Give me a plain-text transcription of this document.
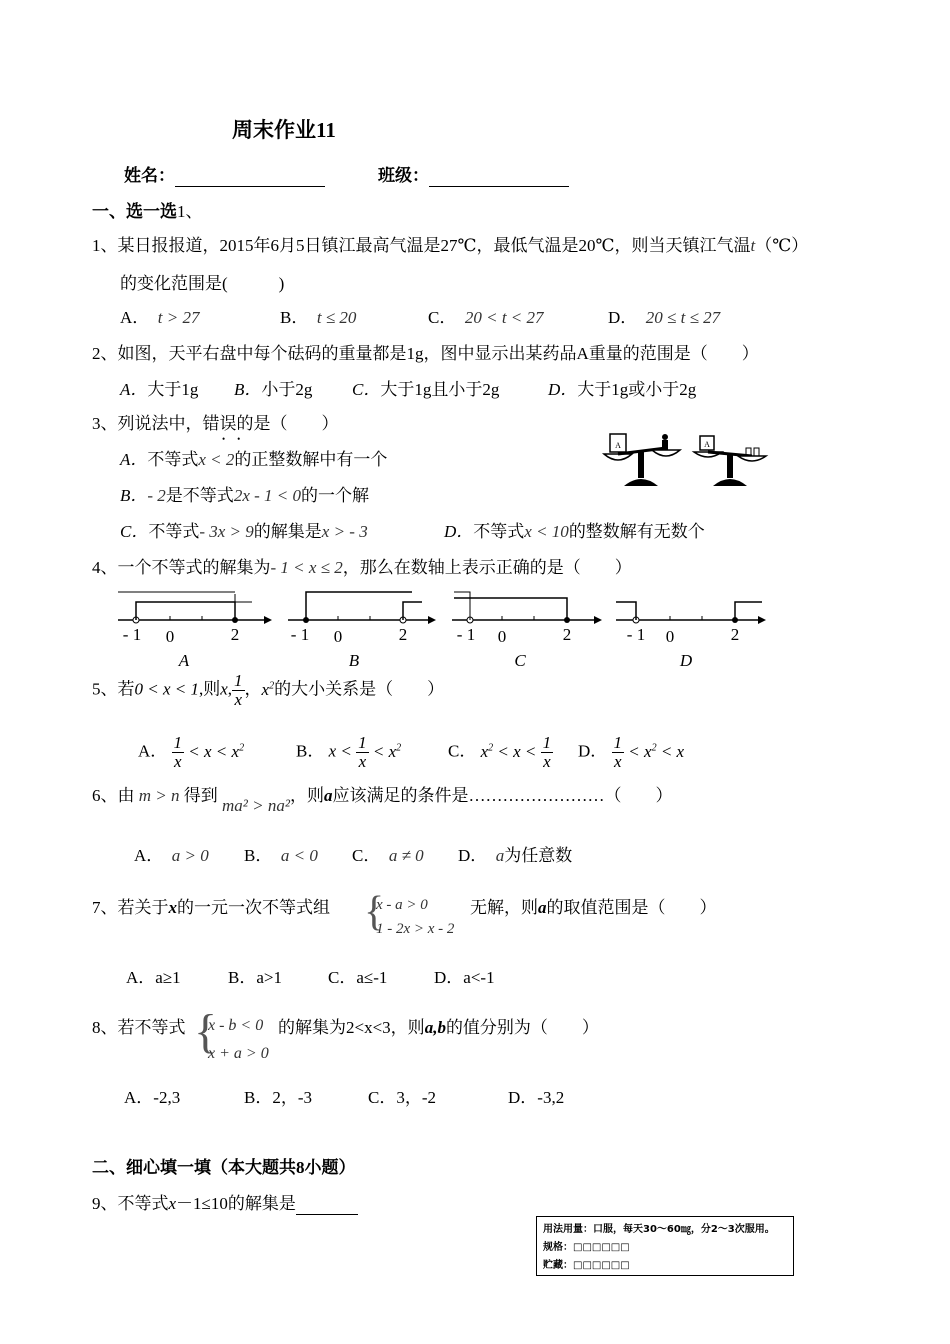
周末作业11
姓名：	班级：
一、选一选1、
1、某日报报道，2015年6月5日镇江最高气温是27℃，最低气温是20℃，则当天镇江气温t（℃）
的变化范围是(　　　)
A． t > 27	B． t ≤ 20	C． 20 < t < 27	D． 20 ≤ t ≤ 27
2、如图，天平右盘中每个砝码的重量都是1g，图中显示出某药品A重量的范围是（　　）
A．大于1g B．小于2g C．大于1g且小于2g	D．大于1g或小于2g
3、列说法中，错误的是（　　）
••
A．不等式x < 2的正整数解中有一个
B．- 2是不等式2x - 1 < 0的一个解
C．不等式- 3x > 9的解集是x > - 3	D．不等式x < 10的整数解有无数个
A	A
4、一个不等式的解集为- 1 < x ≤ 2，那么在数轴上表示正确的是（　　）
- 1 0	2
A
- 1 0	2
B
- 1 0	2
C
- 1 0	2
D
5、若0 < x < 1,则x, $\frac{1}{x}$ ，$x^2$的大小关系是（　　）
A． $\frac{1}{x} < x < x^2$	B． $x < \frac{1}{x} < x^2$	C． $x^2 < x < \frac{1}{x}$ D． $\frac{1}{x} < x^2 < x$
6、由 m > n 得到 ma² > na²，则a应该满足的条件是……………………（　　）
A． a > 0 B． a < 0 C． a ≠ 0 D． a为任意数
7、若关于x的一元一次不等式组 {
x - a > 0
1 - 2x > x - 2
无解，则a的取值范围是（　　）
A．a≥1	B．a>1	C．a≤-1	D．a<-1
8、若不等式 {
x - b < 0
x + a > 0
的解集为2<x<3，则a,b的值分别为（　　）
A．-2,3	B．2，-3	C．3，-2	D．-3,2
二、细心填一填（本大题共8小题）
9、不等式x－1≤10的解集是
用法用量：口服，每天30～60㎎，分2～3次服用。
规格：□□□□□□
贮藏：□□□□□□
